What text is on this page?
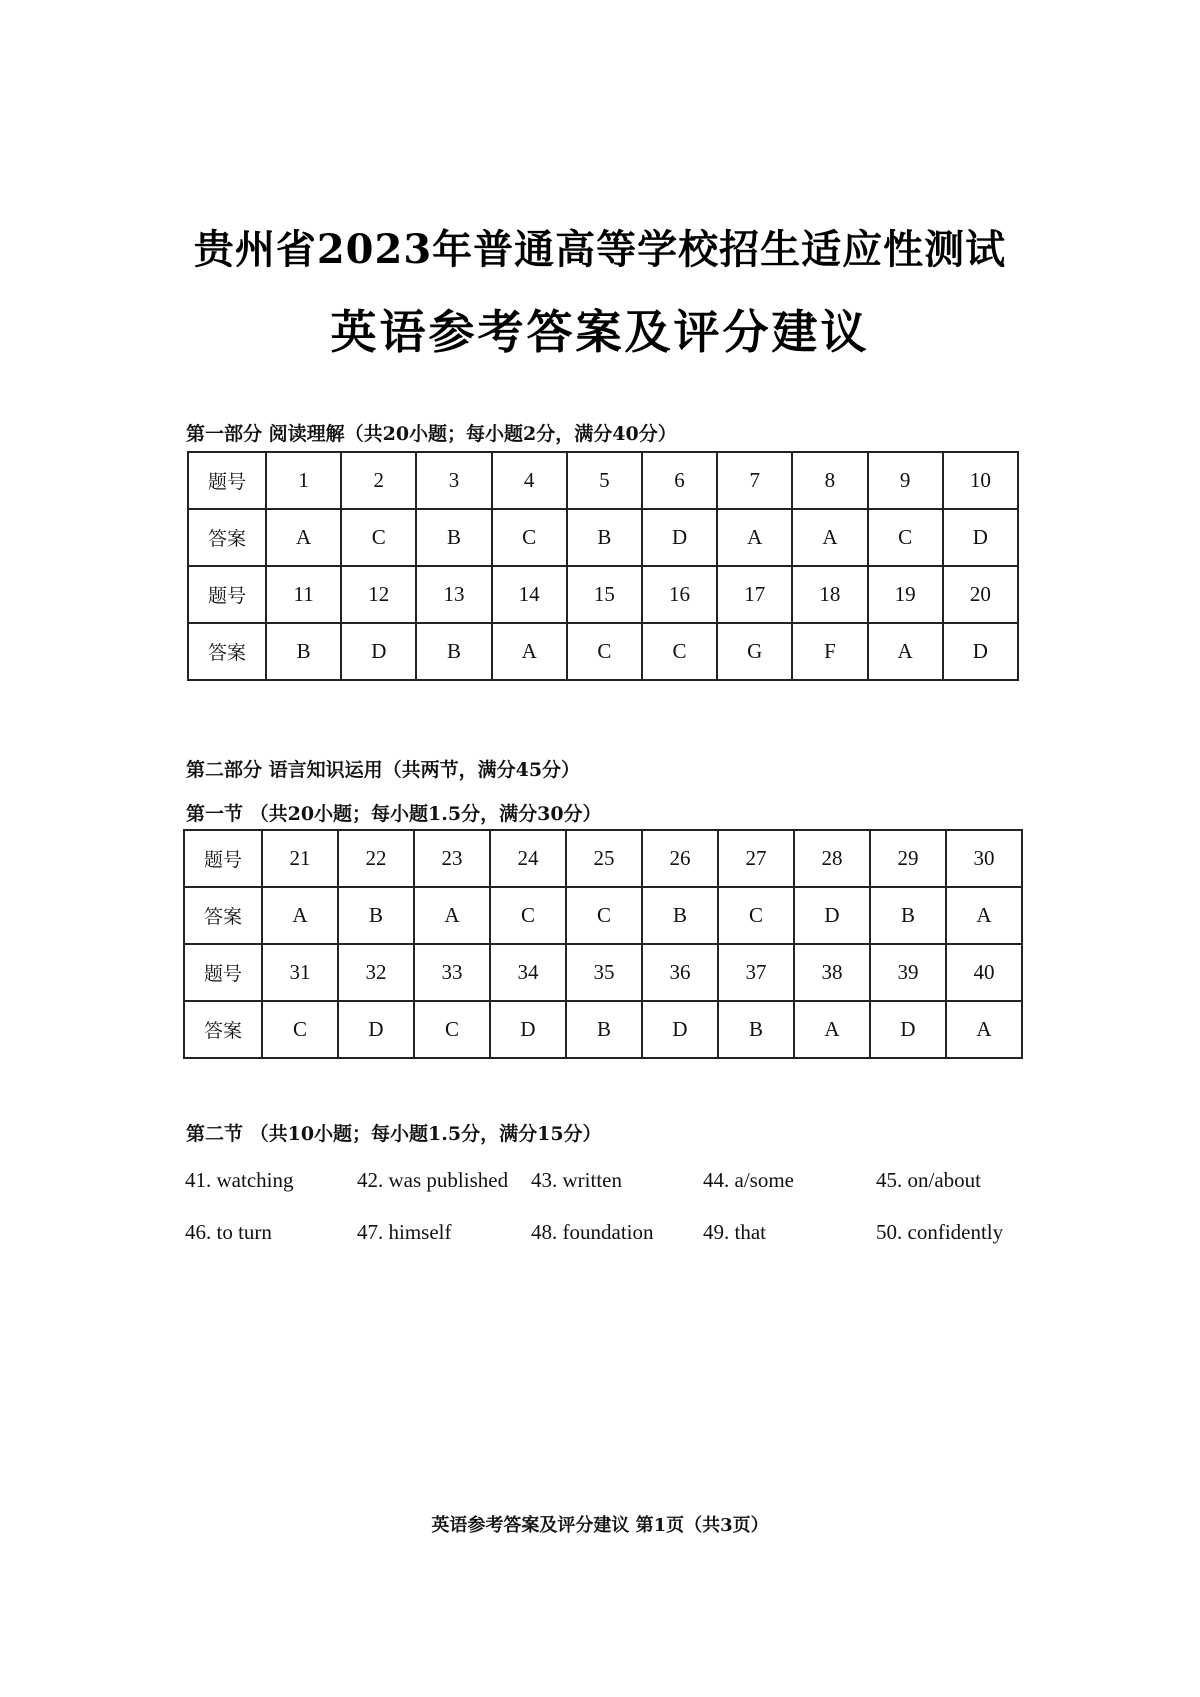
贵州省2023年普通高等学校招生适应性测试
英语参考答案及评分建议
第一部分 阅读理解（共20小题；每小题2分，满分40分）
题号	1	2	3	4	5	6	7	8	9	10
答案	A	C	B	C	B	D	A	A	C	D
题号	11	12	13	14	15	16	17	18	19	20
答案	B	D	B	A	C	C	G	F	A	D
第二部分 语言知识运用（共两节，满分45分）
第一节 （共20小题；每小题1.5分，满分30分）
题号	21	22	23	24	25	26	27	28	29	30
答案	A	B	A	C	C	B	C	D	B	A
题号	31	32	33	34	35	36	37	38	39	40
答案	C	D	C	D	B	D	B	A	D	A
第二节 （共10小题；每小题1.5分，满分15分）
41. watching	42. was published 43. written	44. a/some	45. on/about
46. to turn	47. himself	48. foundation 49. that	50. confidently
英语参考答案及评分建议 第1页（共3页）
